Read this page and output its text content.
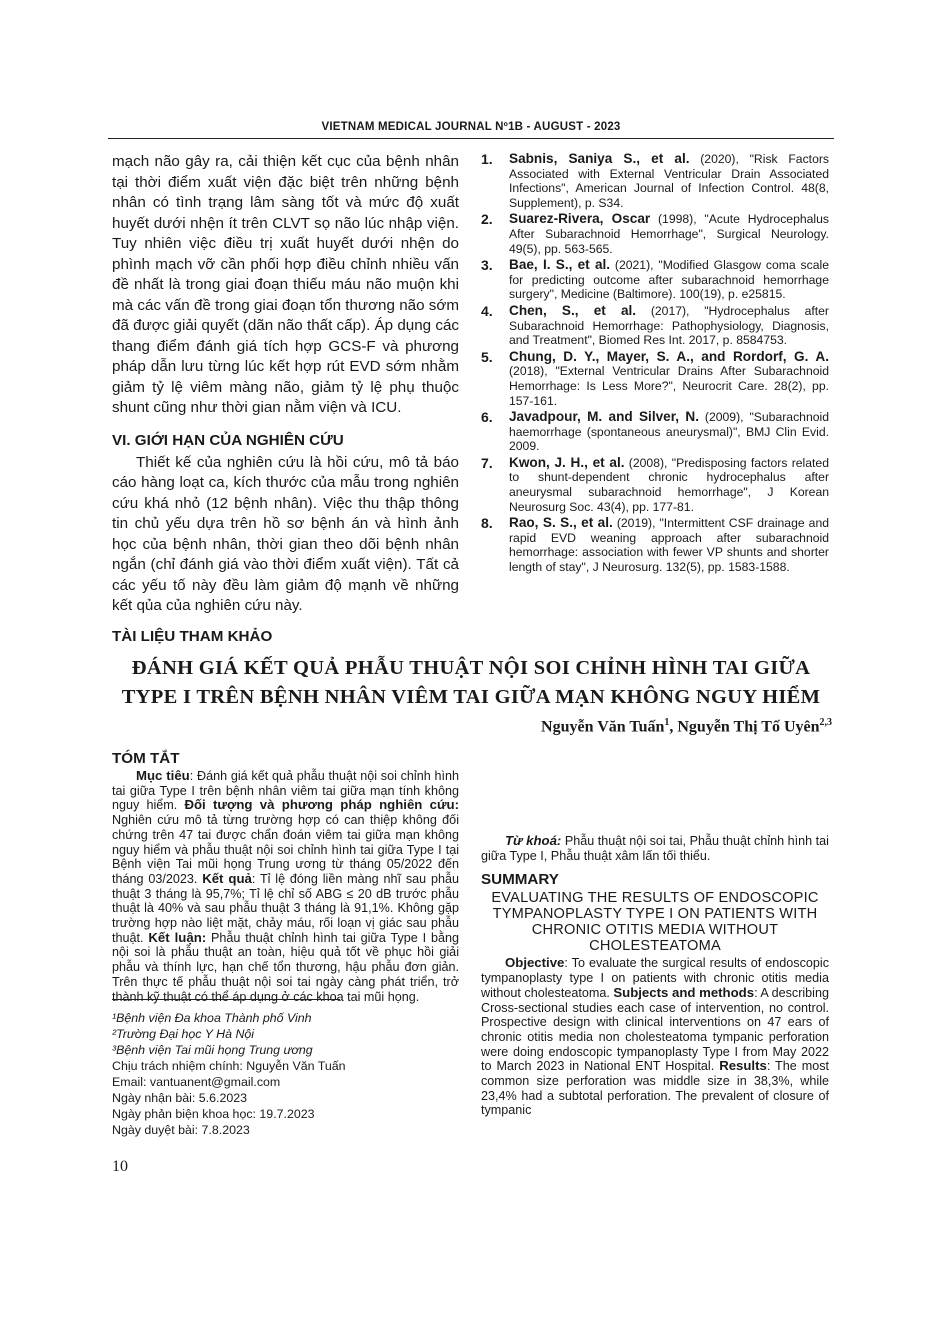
VIETNAM MEDICAL JOURNAL Nº1B - AUGUST - 2023

mạch não gây ra, cải thiện kết cục của bệnh nhân tại thời điểm xuất viện đặc biệt trên những bệnh nhân có tình trạng lâm sàng tốt và mức độ xuất huyết dưới nhện ít trên CLVT sọ não lúc nhập viện. Tuy nhiên việc điều trị xuất huyết dưới nhện do phình mạch vỡ cần phối hợp điều chỉnh nhiều vấn đề nhất là trong giai đoạn thiếu máu não muộn khi mà các vấn đề trong giai đoạn tổn thương não sớm đã được giải quyết (dãn não thất cấp). Áp dụng các thang điểm đánh giá tích hợp GCS-F và phương pháp dẫn lưu từng lúc kết hợp rút EVD sớm nhằm giảm tỷ lệ viêm màng não, giảm tỷ lệ phụ thuộc shunt cũng như thời gian nằm viện và ICU.

VI. GIỚI HẠN CỦA NGHIÊN CỨU

Thiết kế của nghiên cứu là hồi cứu, mô tả báo cáo hàng loạt ca, kích thước của mẫu trong nghiên cứu khá nhỏ (12 bệnh nhân). Việc thu thập thông tin chủ yếu dựa trên hồ sơ bệnh án và hình ảnh học của bệnh nhân, thời gian theo dõi bệnh nhân ngắn (chỉ đánh giá vào thời điểm xuất viện). Tất cả các yếu tố này đều làm giảm độ mạnh về những kết qủa của nghiên cứu này.

TÀI LIỆU THAM KHẢO
1. Sabnis, Saniya S., et al. (2020), "Risk Factors Associated with External Ventricular Drain Associated Infections", American Journal of Infection Control. 48(8, Supplement), p. S34.
2. Suarez-Rivera, Oscar (1998), "Acute Hydrocephalus After Subarachnoid Hemorrhage", Surgical Neurology. 49(5), pp. 563-565.
3. Bae, I. S., et al. (2021), "Modified Glasgow coma scale for predicting outcome after subarachnoid hemorrhage surgery", Medicine (Baltimore). 100(19), p. e25815.
4. Chen, S., et al. (2017), "Hydrocephalus after Subarachnoid Hemorrhage: Pathophysiology, Diagnosis, and Treatment", Biomed Res Int. 2017, p. 8584753.
5. Chung, D. Y., Mayer, S. A., and Rordorf, G. A. (2018), "External Ventricular Drains After Subarachnoid Hemorrhage: Is Less More?", Neurocrit Care. 28(2), pp. 157-161.
6. Javadpour, M. and Silver, N. (2009), "Subarachnoid haemorrhage (spontaneous aneurysmal)", BMJ Clin Evid. 2009.
7. Kwon, J. H., et al. (2008), "Predisposing factors related to shunt-dependent chronic hydrocephalus after aneurysmal subarachnoid hemorrhage", J Korean Neurosurg Soc. 43(4), pp. 177-81.
8. Rao, S. S., et al. (2019), "Intermittent CSF drainage and rapid EVD weaning approach after subarachnoid hemorrhage: association with fewer VP shunts and shorter length of stay", J Neurosurg. 132(5), pp. 1583-1588.
ĐÁNH GIÁ KẾT QUẢ PHẪU THUẬT NỘI SOI CHỈNH HÌNH TAI GIỮA
TYPE I TRÊN BỆNH NHÂN VIÊM TAI GIỮA MẠN KHÔNG NGUY HIỂM
Nguyễn Văn Tuấn$^1$, Nguyễn Thị Tố Uyên$^{2,3}$
TÓM TẮT

Mục tiêu: Đánh giá kết quả phẫu thuật nội soi chỉnh hình tai giữa Type I trên bệnh nhân viêm tai giữa mạn tính không nguy hiểm. Đối tượng và phương pháp nghiên cứu: Nghiên cứu mô tả từng trường hợp có can thiệp không đối chứng trên 47 tai được chẩn đoán viêm tai giữa mạn không nguy hiểm và phẫu thuật nội soi chỉnh hình tai giữa Type I tại Bệnh viện Tai mũi họng Trung ương từ tháng 05/2022 đến tháng 03/2023. Kết quả: Tỉ lệ đóng liền màng nhĩ sau phẫu thuật 3 tháng là 95,7%; Tỉ lệ chỉ số ABG ≤ 20 dB trước phẫu thuật là 40% và sau phẫu thuật 3 tháng là 91,1%. Không gặp trường hợp nào liệt mặt, chảy máu, rối loạn vị giác sau phẫu thuật. Kết luận: Phẫu thuật chỉnh hình tai giữa Type I bằng nội soi là phẫu thuật an toàn, hiệu quả tốt về phục hồi giải phẫu và thính lực, hạn chế tổn thương, hậu phẫu đơn giản. Trên thực tế phẫu thuật nội soi tai ngày càng phát triển, trở thành kỹ thuật có thể áp dụng ở các khoa tai mũi họng.

Từ khoá: Phẫu thuật nội soi tai, Phẫu thuật chỉnh hình tai giữa Type I, Phẫu thuật xâm lấn tối thiểu.

SUMMARY
EVALUATING THE RESULTS OF ENDOSCOPIC TYMPANOPLASTY TYPE I ON PATIENTS WITH CHRONIC OTITIS MEDIA WITHOUT CHOLESTEATOMA

Objective: To evaluate the surgical results of endoscopic tympanoplasty type I on patients with chronic otitis media without cholesteatoma. Subjects and methods: A describing Cross-sectional studies each case of intervention, no control. Prospective design with clinical interventions on 47 ears of chronic otitis media non cholesteatoma tympanic perforation were doing endoscopic tympanoplasty Type I from May 2022 to March 2023 in National ENT Hospital. Results: The most common size perforation was middle size in 38,3%, while 23,4% had a subtotal perforation. The prevalent of closure of tympanic

¹Bệnh viện Đa khoa Thành phố Vinh
²Trường Đại học Y Hà Nội
³Bệnh viện Tai mũi họng Trung ương
Chịu trách nhiệm chính: Nguyễn Văn Tuấn
Email: vantuanent@gmail.com
Ngày nhận bài: 5.6.2023
Ngày phản biện khoa học: 19.7.2023
Ngày duyệt bài: 7.8.2023
10
